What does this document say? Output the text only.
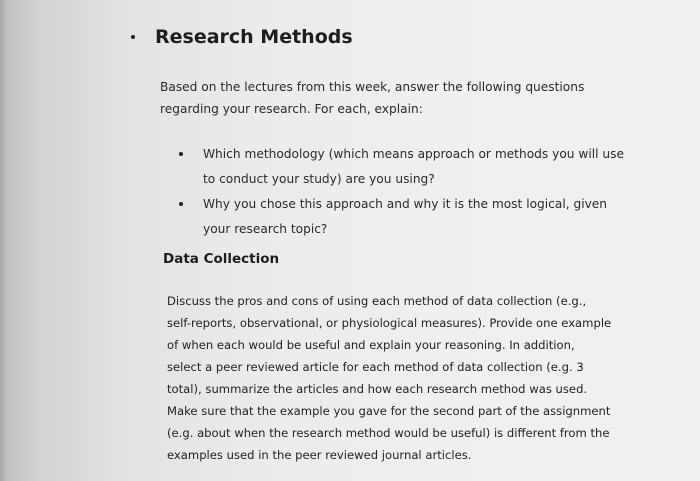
Research Methods
Based on the lectures from this week, answer the following questions
regarding your research. For each, explain:
Which methodology (which means approach or methods you will use
to conduct your study) are you using?
Why you chose this approach and why it is the most logical, given
your research topic?
Data Collection
Discuss the pros and cons of using each method of data collection (e.g.,
self-reports, observational, or physiological measures). Provide one example
of when each would be useful and explain your reasoning. In addition,
select a peer reviewed article for each method of data collection (e.g. 3
total), summarize the articles and how each research method was used.
Make sure that the example you gave for the second part of the assignment
(e.g. about when the research method would be useful) is different from the
examples used in the peer reviewed journal articles.
